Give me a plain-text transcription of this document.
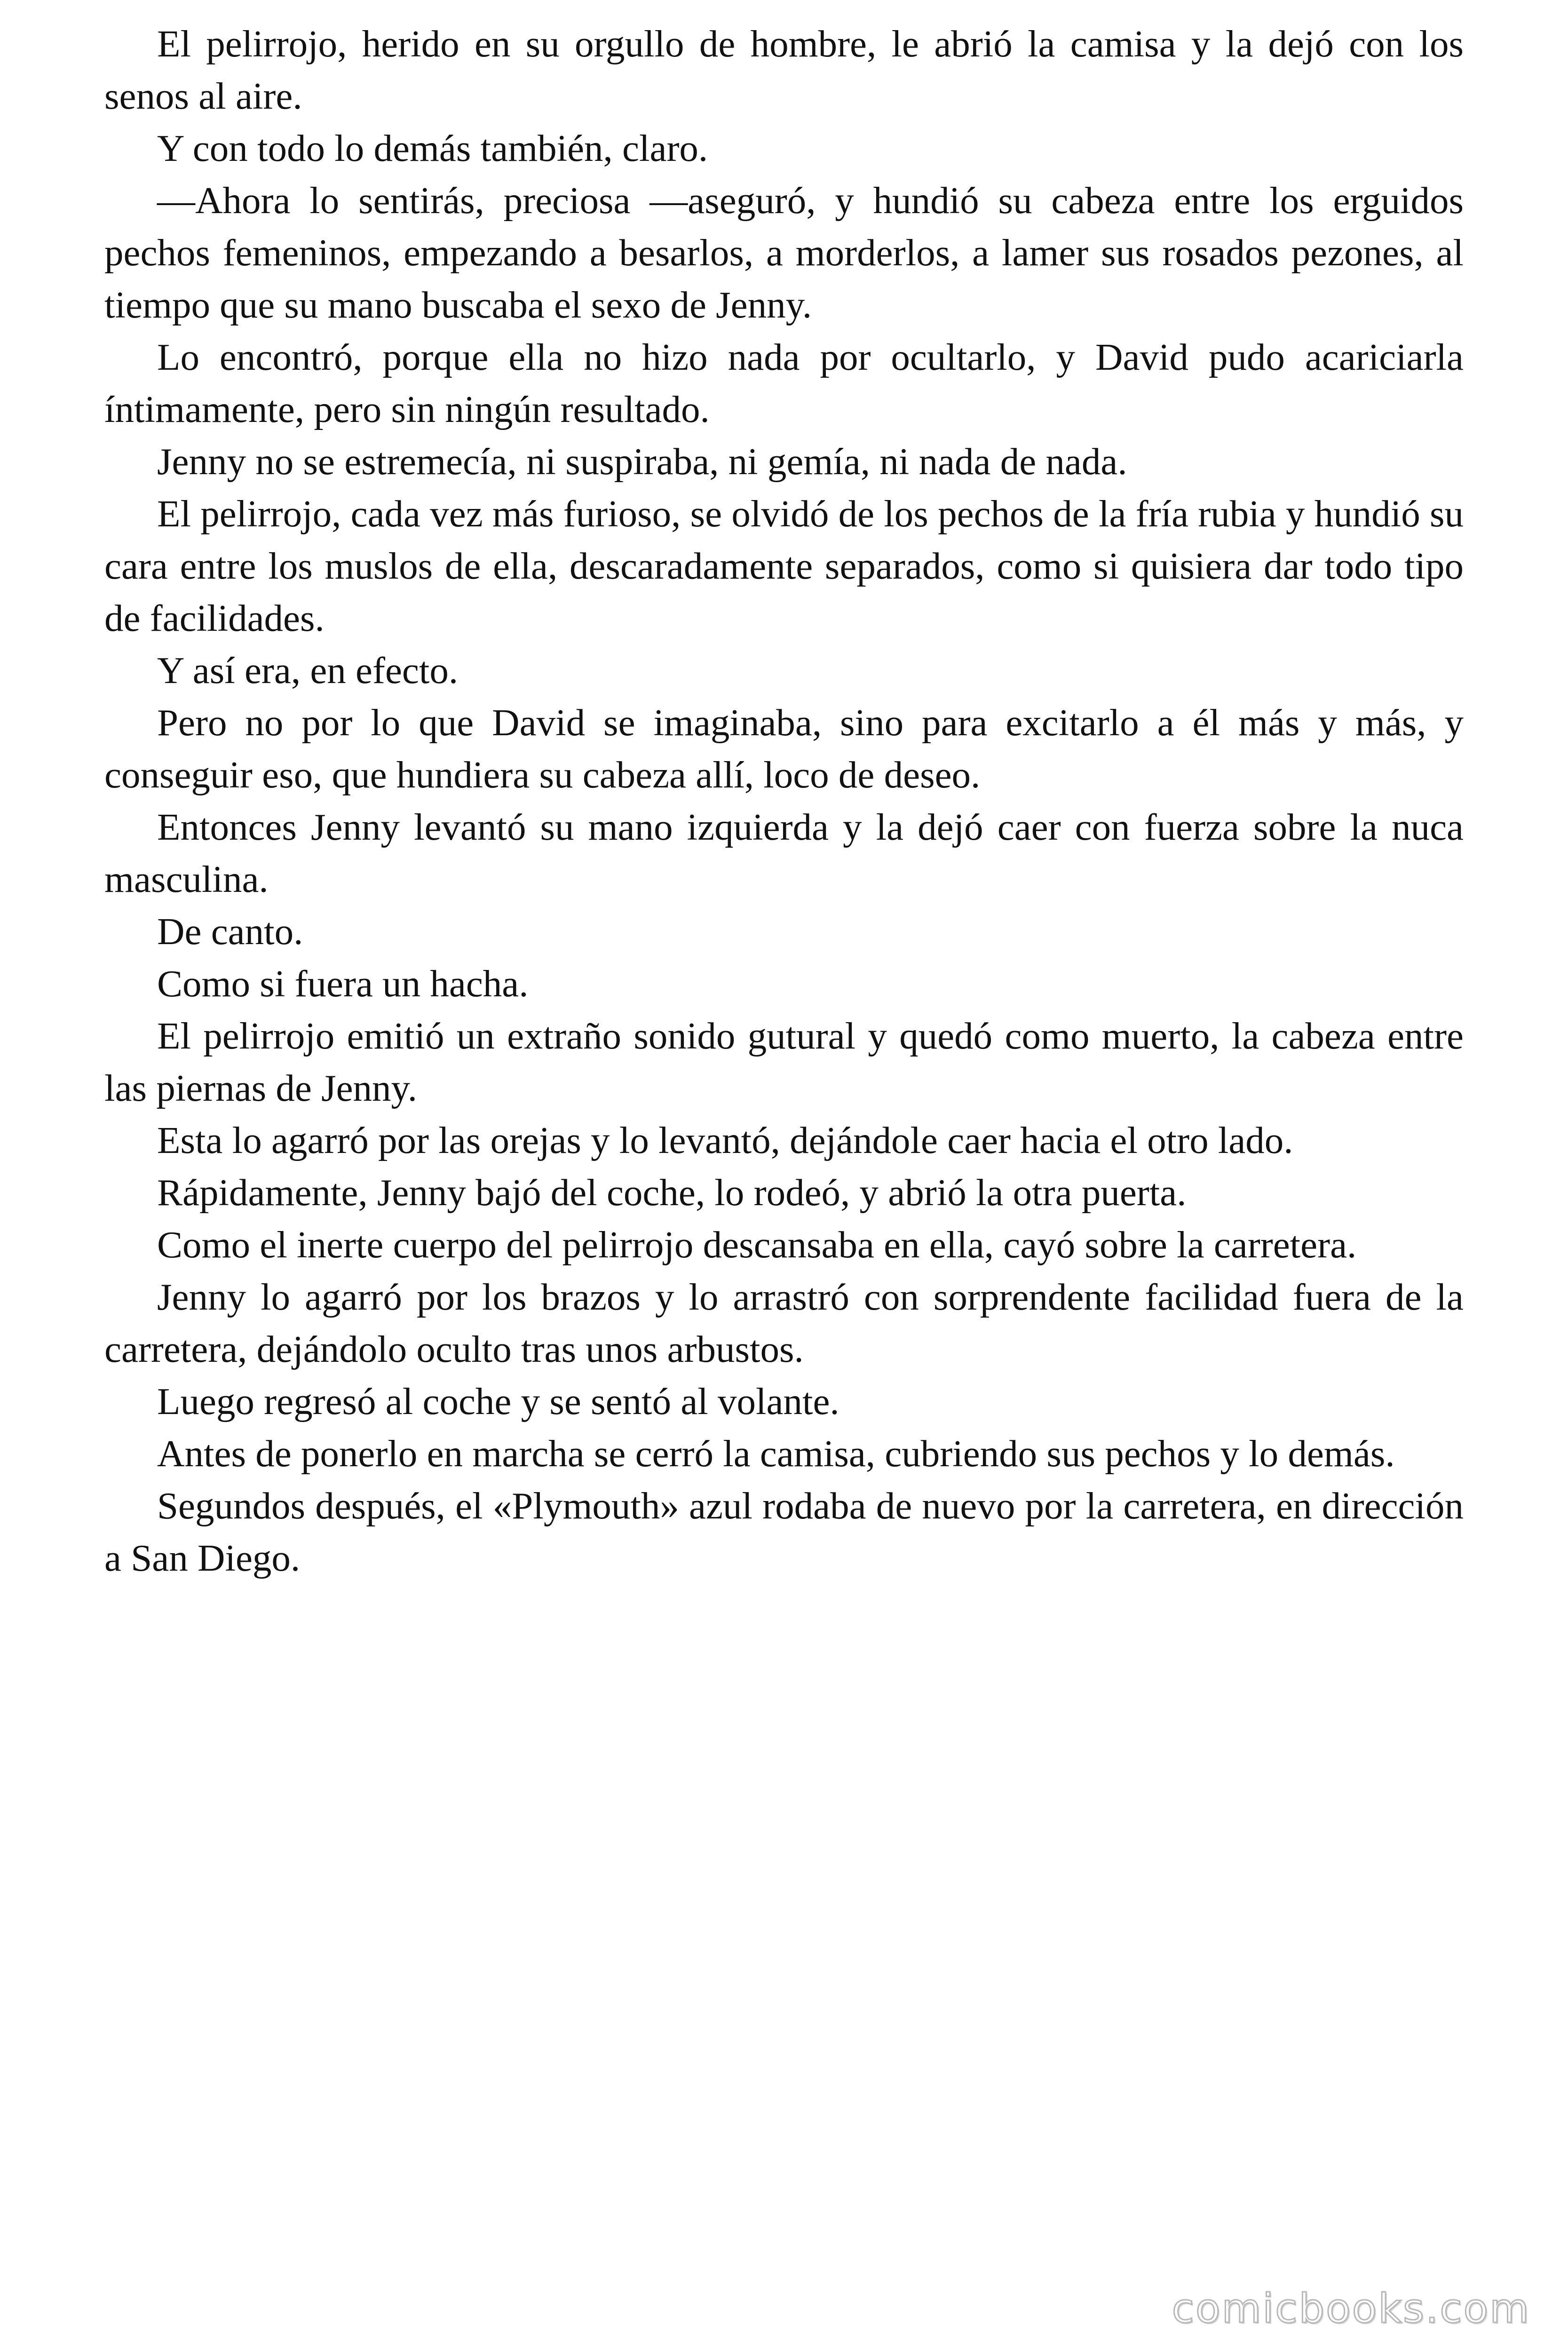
El pelirrojo, herido en su orgullo de hombre, le abrió la camisa y la dejó con los senos al aire.

Y con todo lo demás también, claro.

—Ahora lo sentirás, preciosa —aseguró, y hundió su cabeza entre los erguidos pechos femeninos, empezando a besarlos, a morderlos, a lamer sus rosados pezones, al tiempo que su mano buscaba el sexo de Jenny.

Lo encontró, porque ella no hizo nada por ocultarlo, y David pudo acariciarla íntimamente, pero sin ningún resultado.

Jenny no se estremecía, ni suspiraba, ni gemía, ni nada de nada.

El pelirrojo, cada vez más furioso, se olvidó de los pechos de la fría rubia y hundió su cara entre los muslos de ella, descaradamente separados, como si quisiera dar todo tipo de facilidades.

Y así era, en efecto.

Pero no por lo que David se imaginaba, sino para excitarlo a él más y más, y conseguir eso, que hundiera su cabeza allí, loco de deseo.

Entonces Jenny levantó su mano izquierda y la dejó caer con fuerza sobre la nuca masculina.

De canto.

Como si fuera un hacha.

El pelirrojo emitió un extraño sonido gutural y quedó como muerto, la cabeza entre las piernas de Jenny.

Esta lo agarró por las orejas y lo levantó, dejándole caer hacia el otro lado.

Rápidamente, Jenny bajó del coche, lo rodeó, y abrió la otra puerta.

Como el inerte cuerpo del pelirrojo descansaba en ella, cayó sobre la carretera.

Jenny lo agarró por los brazos y lo arrastró con sorprendente facilidad fuera de la carretera, dejándolo oculto tras unos arbustos.

Luego regresó al coche y se sentó al volante.

Antes de ponerlo en marcha se cerró la camisa, cubriendo sus pechos y lo demás.

Segundos después, el «Plymouth» azul rodaba de nuevo por la carretera, en dirección a San Diego.

comicbooks.com
